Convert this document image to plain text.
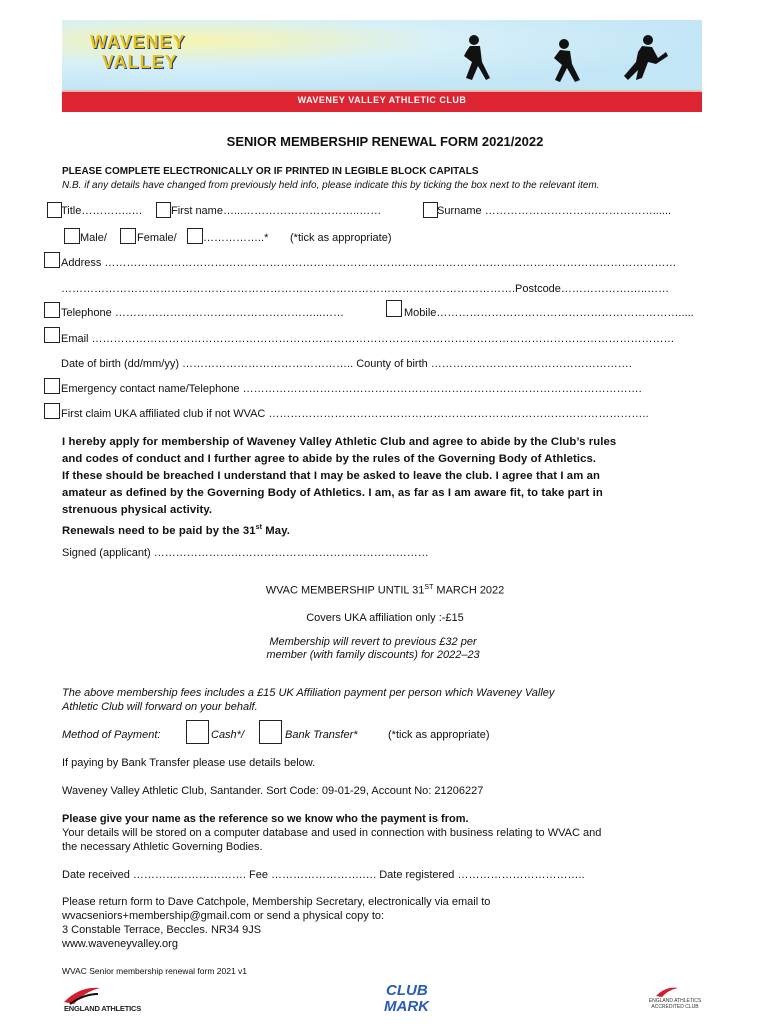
WAVENEY
VALLEY
WAVENEY VALLEY ATHLETIC CLUB
SENIOR MEMBERSHIP RENEWAL FORM 2021/2022
PLEASE COMPLETE ELECTRONICALLY OR IF PRINTED IN LEGIBLE BLOCK CAPITALS
N.B. if any details have changed from previously held info, please indicate this by ticking the box next to the relevant item.
Title…………..…	First name…...…………………………..……	Surname ………………………….……………......
Male/	Female/ ……………..* (*tick as appropriate)
Address …………………………………………………………………………………………………………………………………………
…………………………………………………………………………………………………………….Postcode……………….…..……
Telephone ………………………………………………...……	Mobile………………………………………………………….....
Email ……………………………………………………………………………………………………………………………………………
Date of birth (dd/mm/yy) ……………………………………….. County of birth ……………………………………………….
Emergency contact name/Telephone ……………………………………………………………………………………………….
First claim UKA affiliated club if not WVAC …………………………………………………………………………………………..
I hereby apply for membership of Waveney Valley Athletic Club and agree to abide by the Club’s rules
and codes of conduct and I further agree to abide by the rules of the Governing Body of Athletics.
If these should be breached I understand that I may be asked to leave the club. I agree that I am an
amateur as defined by the Governing Body of Athletics. I am, as far as I am aware fit, to take part in
strenuous physical activity.
Renewals need to be paid by the 31st May.
Signed (applicant) …………………………………………………………………
WVAC MEMBERSHIP UNTIL 31ST MARCH 2022
Covers UKA affiliation only :-£15
Membership will revert to previous £32 per
member (with family discounts) for 2022–23
The above membership fees includes a £15 UK Affiliation payment per person which Waveney Valley
Athletic Club will forward on your behalf.
Method of Payment:	Cash*/	Bank Transfer*	(*tick as appropriate)
If paying by Bank Transfer please use details below.
Waveney Valley Athletic Club, Santander. Sort Code: 09-01-29, Account No: 21206227
Please give your name as the reference so we know who the payment is from.
Your details will be stored on a computer database and used in connection with business relating to WVAC and
the necessary Athletic Governing Bodies.
Date received …………………………. Fee …………………….…. Date registered ……………………………..
Please return form to Dave Catchpole, Membership Secretary, electronically via email to
wvacseniors+membership@gmail.com or send a physical copy to:
3 Constable Terrace, Beccles. NR34 9JS
www.waveneyvalley.org
WVAC Senior membership renewal form 2021 v1
ENGLAND ATHLETICS
CLUB
MARK	ENGLAND ATHLETICS ACCREDITED CLUB
